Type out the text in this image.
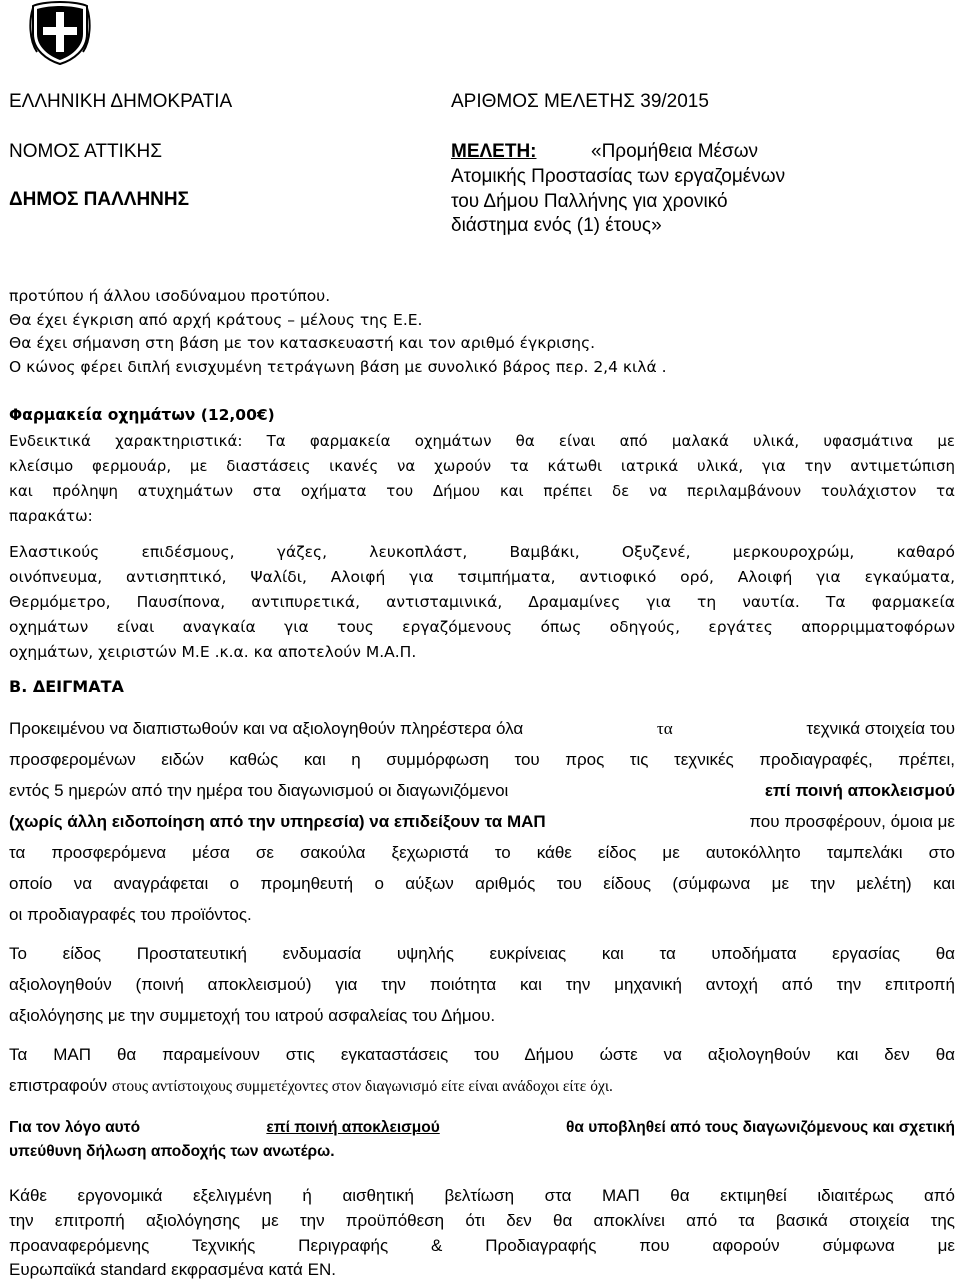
ΕΛΛΗΝΙΚΗ ΔΗΜΟΚΡΑΤΙΑ
ΝΟΜΟΣ ΑΤΤΙΚΗΣ
ΔΗΜΟΣ ΠΑΛΛΗΝΗΣ
ΑΡΙΘΜΟΣ ΜΕΛΕΤΗΣ 39/2015
ΜΕΛΕΤΗ:	«Προμήθεια Μέσων
Ατομικής Προστασίας των εργαζομένων
του Δήμου Παλλήνης για χρονικό
διάστημα ενός (1) έτους»
προτύπου ή άλλου ισοδύναμου προτύπου.
Θα έχει έγκριση από αρχή κράτους – μέλους της Ε.Ε.
Θα έχει σήμανση στη βάση με τον κατασκευαστή και τον αριθμό έγκρισης.
Ο κώνος φέρει διπλή ενισχυμένη τετράγωνη βάση με συνολικό βάρος περ. 2,4 κιλά .
Φαρμακεία οχημάτων (12,00€)
Ενδεικτικά χαρακτηριστικά: Τα φαρμακεία οχημάτων θα είναι από μαλακά υλικά, υφασμάτινα με
κλείσιμο φερμουάρ, με διαστάσεις ικανές να χωρούν τα κάτωθι ιατρικά υλικά, για την αντιμετώπιση
και πρόληψη ατυχημάτων στα οχήματα του Δήμου και πρέπει δε να περιλαμβάνουν τουλάχιστον τα
παρακάτω:
Ελαστικούς επιδέσμους, γάζες, λευκοπλάστ, Βαμβάκι, Οξυζενέ, μερκουροχρώμ, καθαρό
οινόπνευμα, αντισηπτικό, Ψαλίδι, Αλοιφή για τσιμπήματα, αντιοφικό ορό, Αλοιφή για εγκαύματα,
Θερμόμετρο, Παυσίπονα, αντιπυρετικά, αντισταμινικά, Δραμαμίνες για τη ναυτία. Τα φαρμακεία
οχημάτων είναι αναγκαία για τους εργαζόμενους όπως οδηγούς, εργάτες απορριμματοφόρων
οχημάτων, χειριστών Μ.Ε .κ.α. κα αποτελούν Μ.Α.Π.
Β. ΔΕΙΓΜΑΤΑ
Προκειμένου να διαπιστωθούν και να αξιολογηθούν πληρέστερα όλα	τα	τεχνικά στοιχεία του
προσφερομένων ειδών καθώς και η συμμόρφωση του προς τις τεχνικές προδιαγραφές, πρέπει,
εντός 5 ημερών από την ημέρα του διαγωνισμού οι διαγωνιζόμενοι	επί ποινή αποκλεισμού
(χωρίς άλλη ειδοποίηση από την υπηρεσία) να επιδείξουν τα ΜΑΠ	που προσφέρουν, όμοια με
τα προσφερόμενα μέσα σε σακούλα ξεχωριστά το κάθε είδος με αυτοκόλλητο ταμπελάκι στο
οποίο να αναγράφεται ο προμηθευτή ο αύξων αριθμός του είδους (σύμφωνα με την μελέτη) και
οι προδιαγραφές του προϊόντος.
Το είδος Προστατευτική ενδυμασία υψηλής ευκρίνειας και τα υποδήματα εργασίας θα
αξιολογηθούν (ποινή αποκλεισμού) για την ποιότητα και την μηχανική αντοχή από την επιτροπή
αξιολόγησης με την συμμετοχή του ιατρού ασφαλείας του Δήμου.
Τα ΜΑΠ θα παραμείνουν στις εγκαταστάσεις του Δήμου ώστε να αξιολογηθούν και δεν θα
επιστραφούν στους αντίστοιχους συμμετέχοντες στον διαγωνισμό είτε είναι ανάδοχοι είτε όχι.
Για τον λόγο αυτό	επί ποινή αποκλεισμού	θα υποβληθεί από τους διαγωνιζόμενους και σχετική
υπεύθυνη δήλωση αποδοχής των ανωτέρω.
Κάθε εργονομικά εξελιγμένη ή αισθητική βελτίωση στα ΜΑΠ θα εκτιμηθεί ιδιαιτέρως από
την επιτροπή αξιολόγησης με την προϋπόθεση ότι δεν θα αποκλίνει από τα βασικά στοιχεία της
προαναφερόμενης Τεχνικής Περιγραφής & Προδιαγραφής που αφορούν σύμφωνα με
Ευρωπαϊκά standard εκφρασμένα κατά ΕΝ.
